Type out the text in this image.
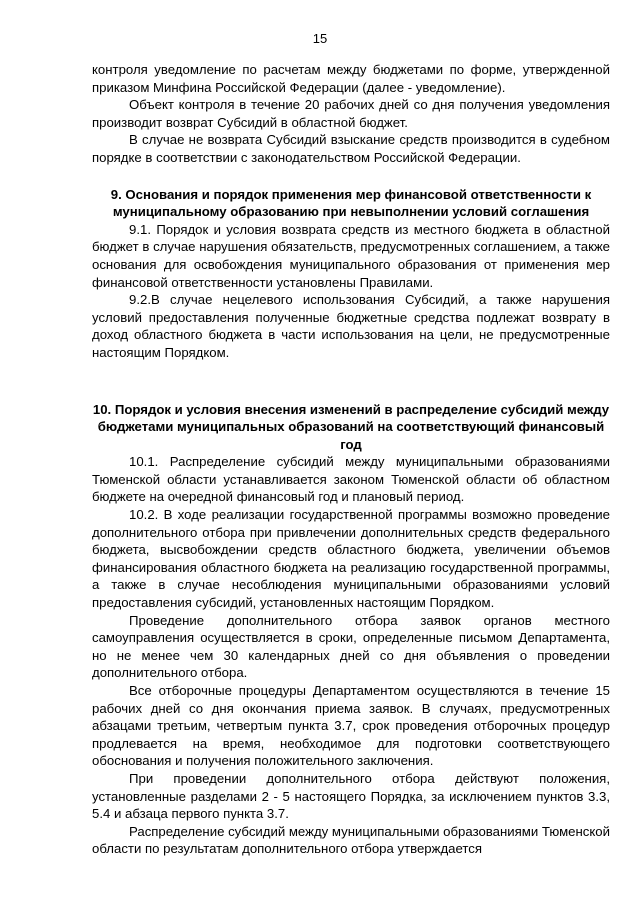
15

контроля уведомление по расчетам между бюджетами по форме, утвержденной приказом Минфина Российской Федерации (далее - уведомление).

Объект контроля в течение 20 рабочих дней со дня получения уведомления производит возврат Субсидий в областной бюджет.

В случае не возврата Субсидий взыскание средств производится в судебном порядке в соответствии с законодательством Российской Федерации.

9. Основания и порядок применения мер финансовой ответственности к муниципальному образованию при невыполнении условий соглашения

9.1. Порядок и условия возврата средств из местного бюджета в областной бюджет в случае нарушения обязательств, предусмотренных соглашением, а также основания для освобождения муниципального образования от применения мер финансовой ответственности установлены Правилами.

9.2.В случае нецелевого использования Субсидий, а также нарушения условий предоставления полученные бюджетные средства подлежат возврату в доход областного бюджета в части использования на цели, не предусмотренные настоящим Порядком.

10. Порядок и условия внесения изменений в распределение субсидий между бюджетами муниципальных образований на соответствующий финансовый год

10.1. Распределение субсидий между муниципальными образованиями Тюменской области устанавливается законом Тюменской области об областном бюджете на очередной финансовый год и плановый период.

10.2. В ходе реализации государственной программы возможно проведение дополнительного отбора при привлечении дополнительных средств федерального бюджета, высвобождении средств областного бюджета, увеличении объемов финансирования областного бюджета на реализацию государственной программы, а также в случае несоблюдения муниципальными образованиями условий предоставления субсидий, установленных настоящим Порядком.

Проведение дополнительного отбора заявок органов местного самоуправления осуществляется в сроки, определенные письмом Департамента, но не менее чем 30 календарных дней со дня объявления о проведении дополнительного отбора.

Все отборочные процедуры Департаментом осуществляются в течение 15 рабочих дней со дня окончания приема заявок. В случаях, предусмотренных абзацами третьим, четвертым пункта 3.7, срок проведения отборочных процедур продлевается на время, необходимое для подготовки соответствующего обоснования и получения положительного заключения.

При проведении дополнительного отбора действуют положения, установленные разделами 2 - 5 настоящего Порядка, за исключением пунктов 3.3, 5.4 и абзаца первого пункта 3.7.

Распределение субсидий между муниципальными образованиями Тюменской области по результатам дополнительного отбора утверждается
